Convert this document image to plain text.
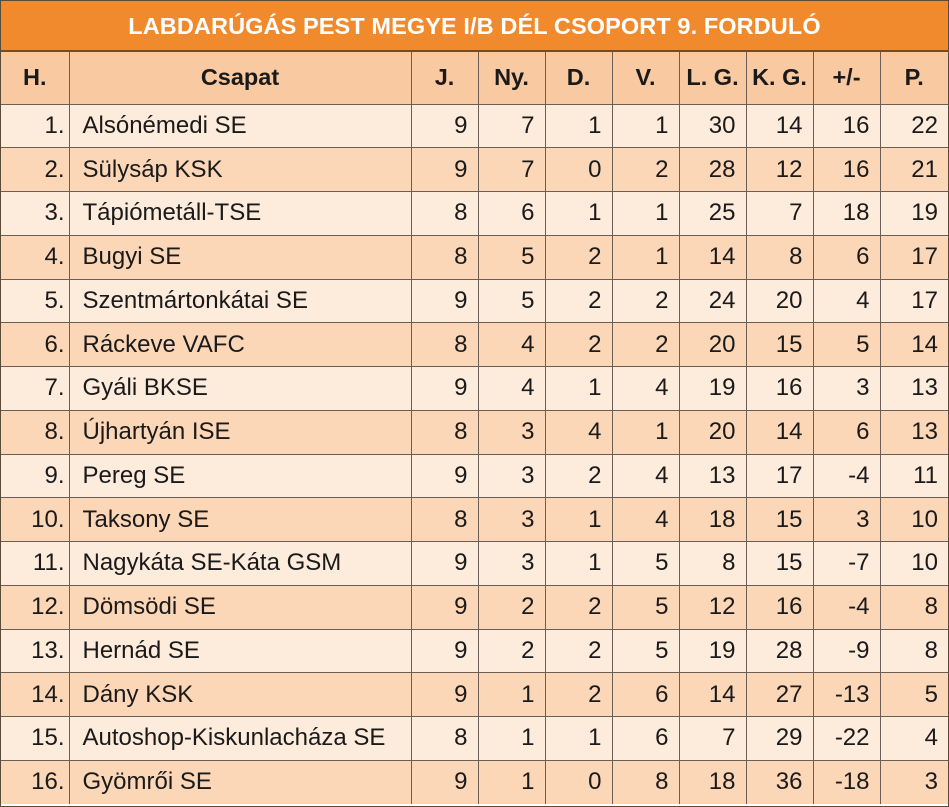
LABDARÚGÁS PEST MEGYE I/B DÉL CSOPORT 9. FORDULÓ
H.	Csapat	J.	Ny.	D.	V.	L. G.	K. G.	+/-	P.
1.	Alsónémedi SE	9	7	1	1	30	14	16	22
2.	Sülysáp KSK	9	7	0	2	28	12	16	21
3.	Tápiómetáll-TSE	8	6	1	1	25	7	18	19
4.	Bugyi SE	8	5	2	1	14	8	6	17
5.	Szentmártonkátai SE	9	5	2	2	24	20	4	17
6.	Ráckeve VAFC	8	4	2	2	20	15	5	14
7.	Gyáli BKSE	9	4	1	4	19	16	3	13
8.	Újhartyán ISE	8	3	4	1	20	14	6	13
9.	Pereg SE	9	3	2	4	13	17	-4	11
10.	Taksony SE	8	3	1	4	18	15	3	10
11.	Nagykáta SE-Káta GSM	9	3	1	5	8	15	-7	10
12.	Dömsödi SE	9	2	2	5	12	16	-4	8
13.	Hernád SE	9	2	2	5	19	28	-9	8
14.	Dány KSK	9	1	2	6	14	27	-13	5
15.	Autoshop-Kiskunlacháza SE	8	1	1	6	7	29	-22	4
16.	Gyömrői SE	9	1	0	8	18	36	-18	3
